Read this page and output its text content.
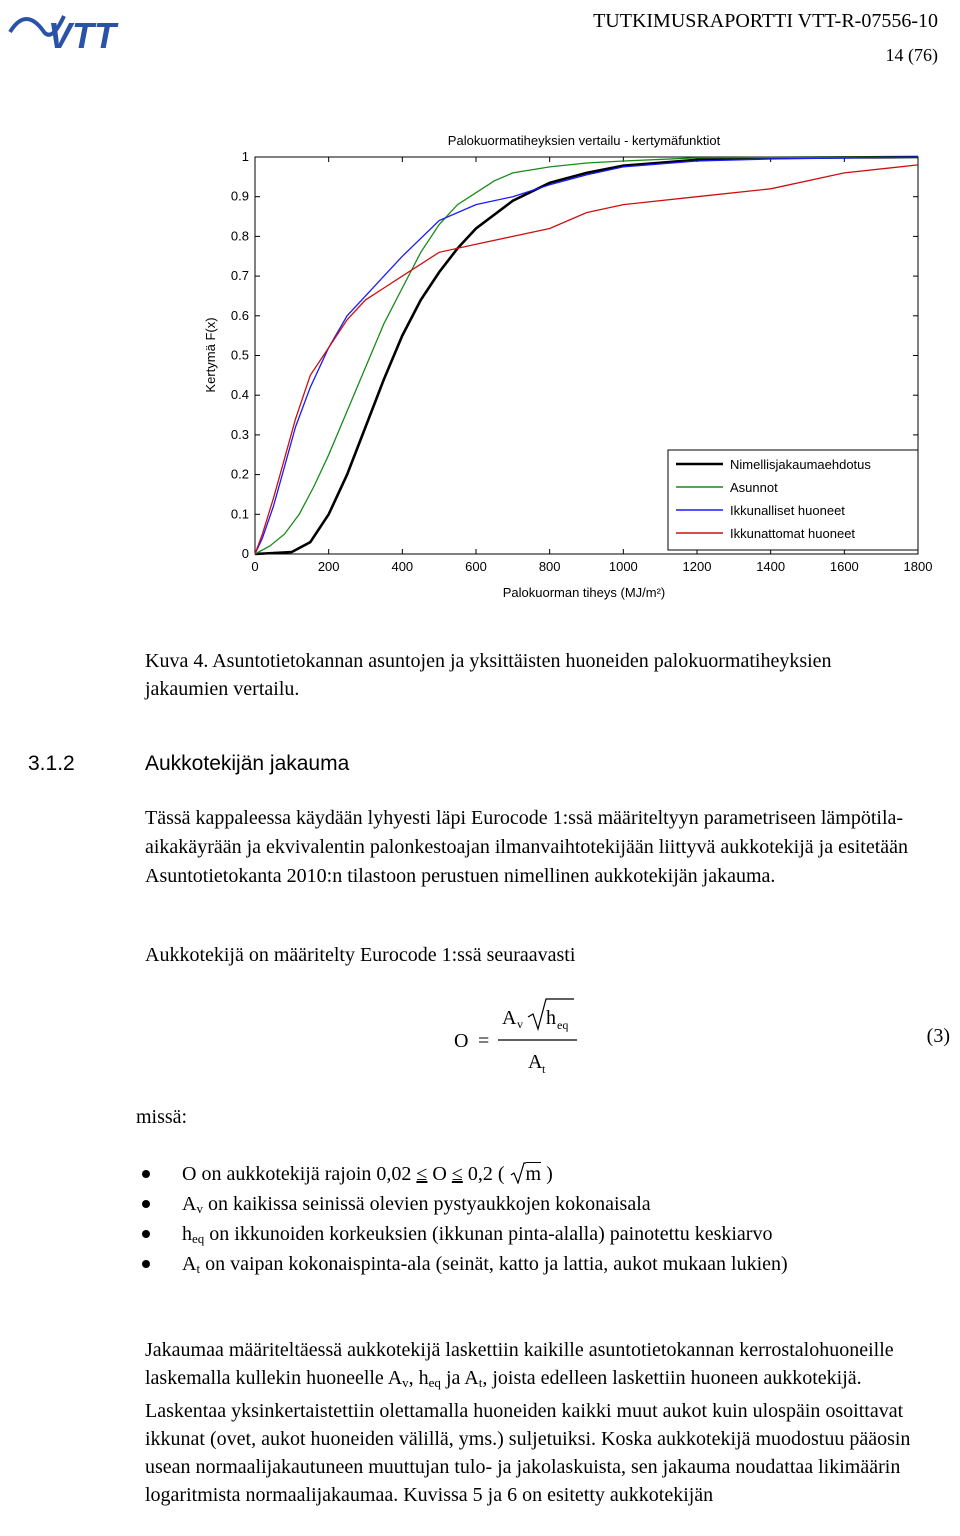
VTT	TUTKIMUSRAPORTTI VTT-R-07556-10
14 (76)
Palokuormatiheyksien vertailu - kertymäfunktiot
0
0.1
0.2
0.3
0.4
0.5
0.6
0.7
0.8
0.9
1
0	200	400	600	800	1000	1200	1400	1600	1800
Palokuorman tiheys (MJ/m²)
Kertymä F(x)
Nimellisjakaumaehdotus
Asunnot
Ikkunalliset huoneet
Ikkunattomat huoneet
Kuva 4. Asuntotietokannan asuntojen ja yksittäisten huoneiden palokuormatiheyksien jakaumien vertailu.
3.1.2	Aukkotekijän jakauma
Tässä kappaleessa käydään lyhyesti läpi Eurocode 1:ssä määriteltyyn parametriseen lämpötila-aikakäyrään ja ekvivalentin palonkestoajan ilmanvaihtotekijään liittyvä aukkotekijä ja esitetään Asuntotietokanta 2010:n tilastoon perustuen nimellinen aukkotekijän jakauma.
Aukkotekijä on määritelty Eurocode 1:ssä seuraavasti
O =
A v h eq
A t
(3)
missä:
O on aukkotekijä rajoin 0,02 ≤ O ≤ 0,2 ( m )
$A_v$ on kaikissa seinissä olevien pystyaukkojen kokonaisala
$h_{eq}$ on ikkunoiden korkeuksien (ikkunan pinta-alalla) painotettu keskiarvo
$A_t$ on vaipan kokonaispinta-ala (seinät, katto ja lattia, aukot mukaan lukien)
Jakaumaa määriteltäessä aukkotekijä laskettiin kaikille asuntotietokannan kerrostalohuoneille laskemalla kullekin huoneelle $A_v$, $h_{eq}$ ja $A_t$, joista edelleen laskettiin huoneen aukkotekijä. Laskentaa yksinkertaistettiin olettamalla huoneiden kaikki muut aukot kuin ulospäin osoittavat ikkunat (ovet, aukot huoneiden välillä, yms.) suljetuiksi. Koska aukkotekijä muodostuu pääosin usean normaalijakautuneen muuttujan tulo- ja jakolaskuista, sen jakauma noudattaa likimäärin logaritmista normaalijakaumaa. Kuvissa 5 ja 6 on esitetty aukkotekijän
